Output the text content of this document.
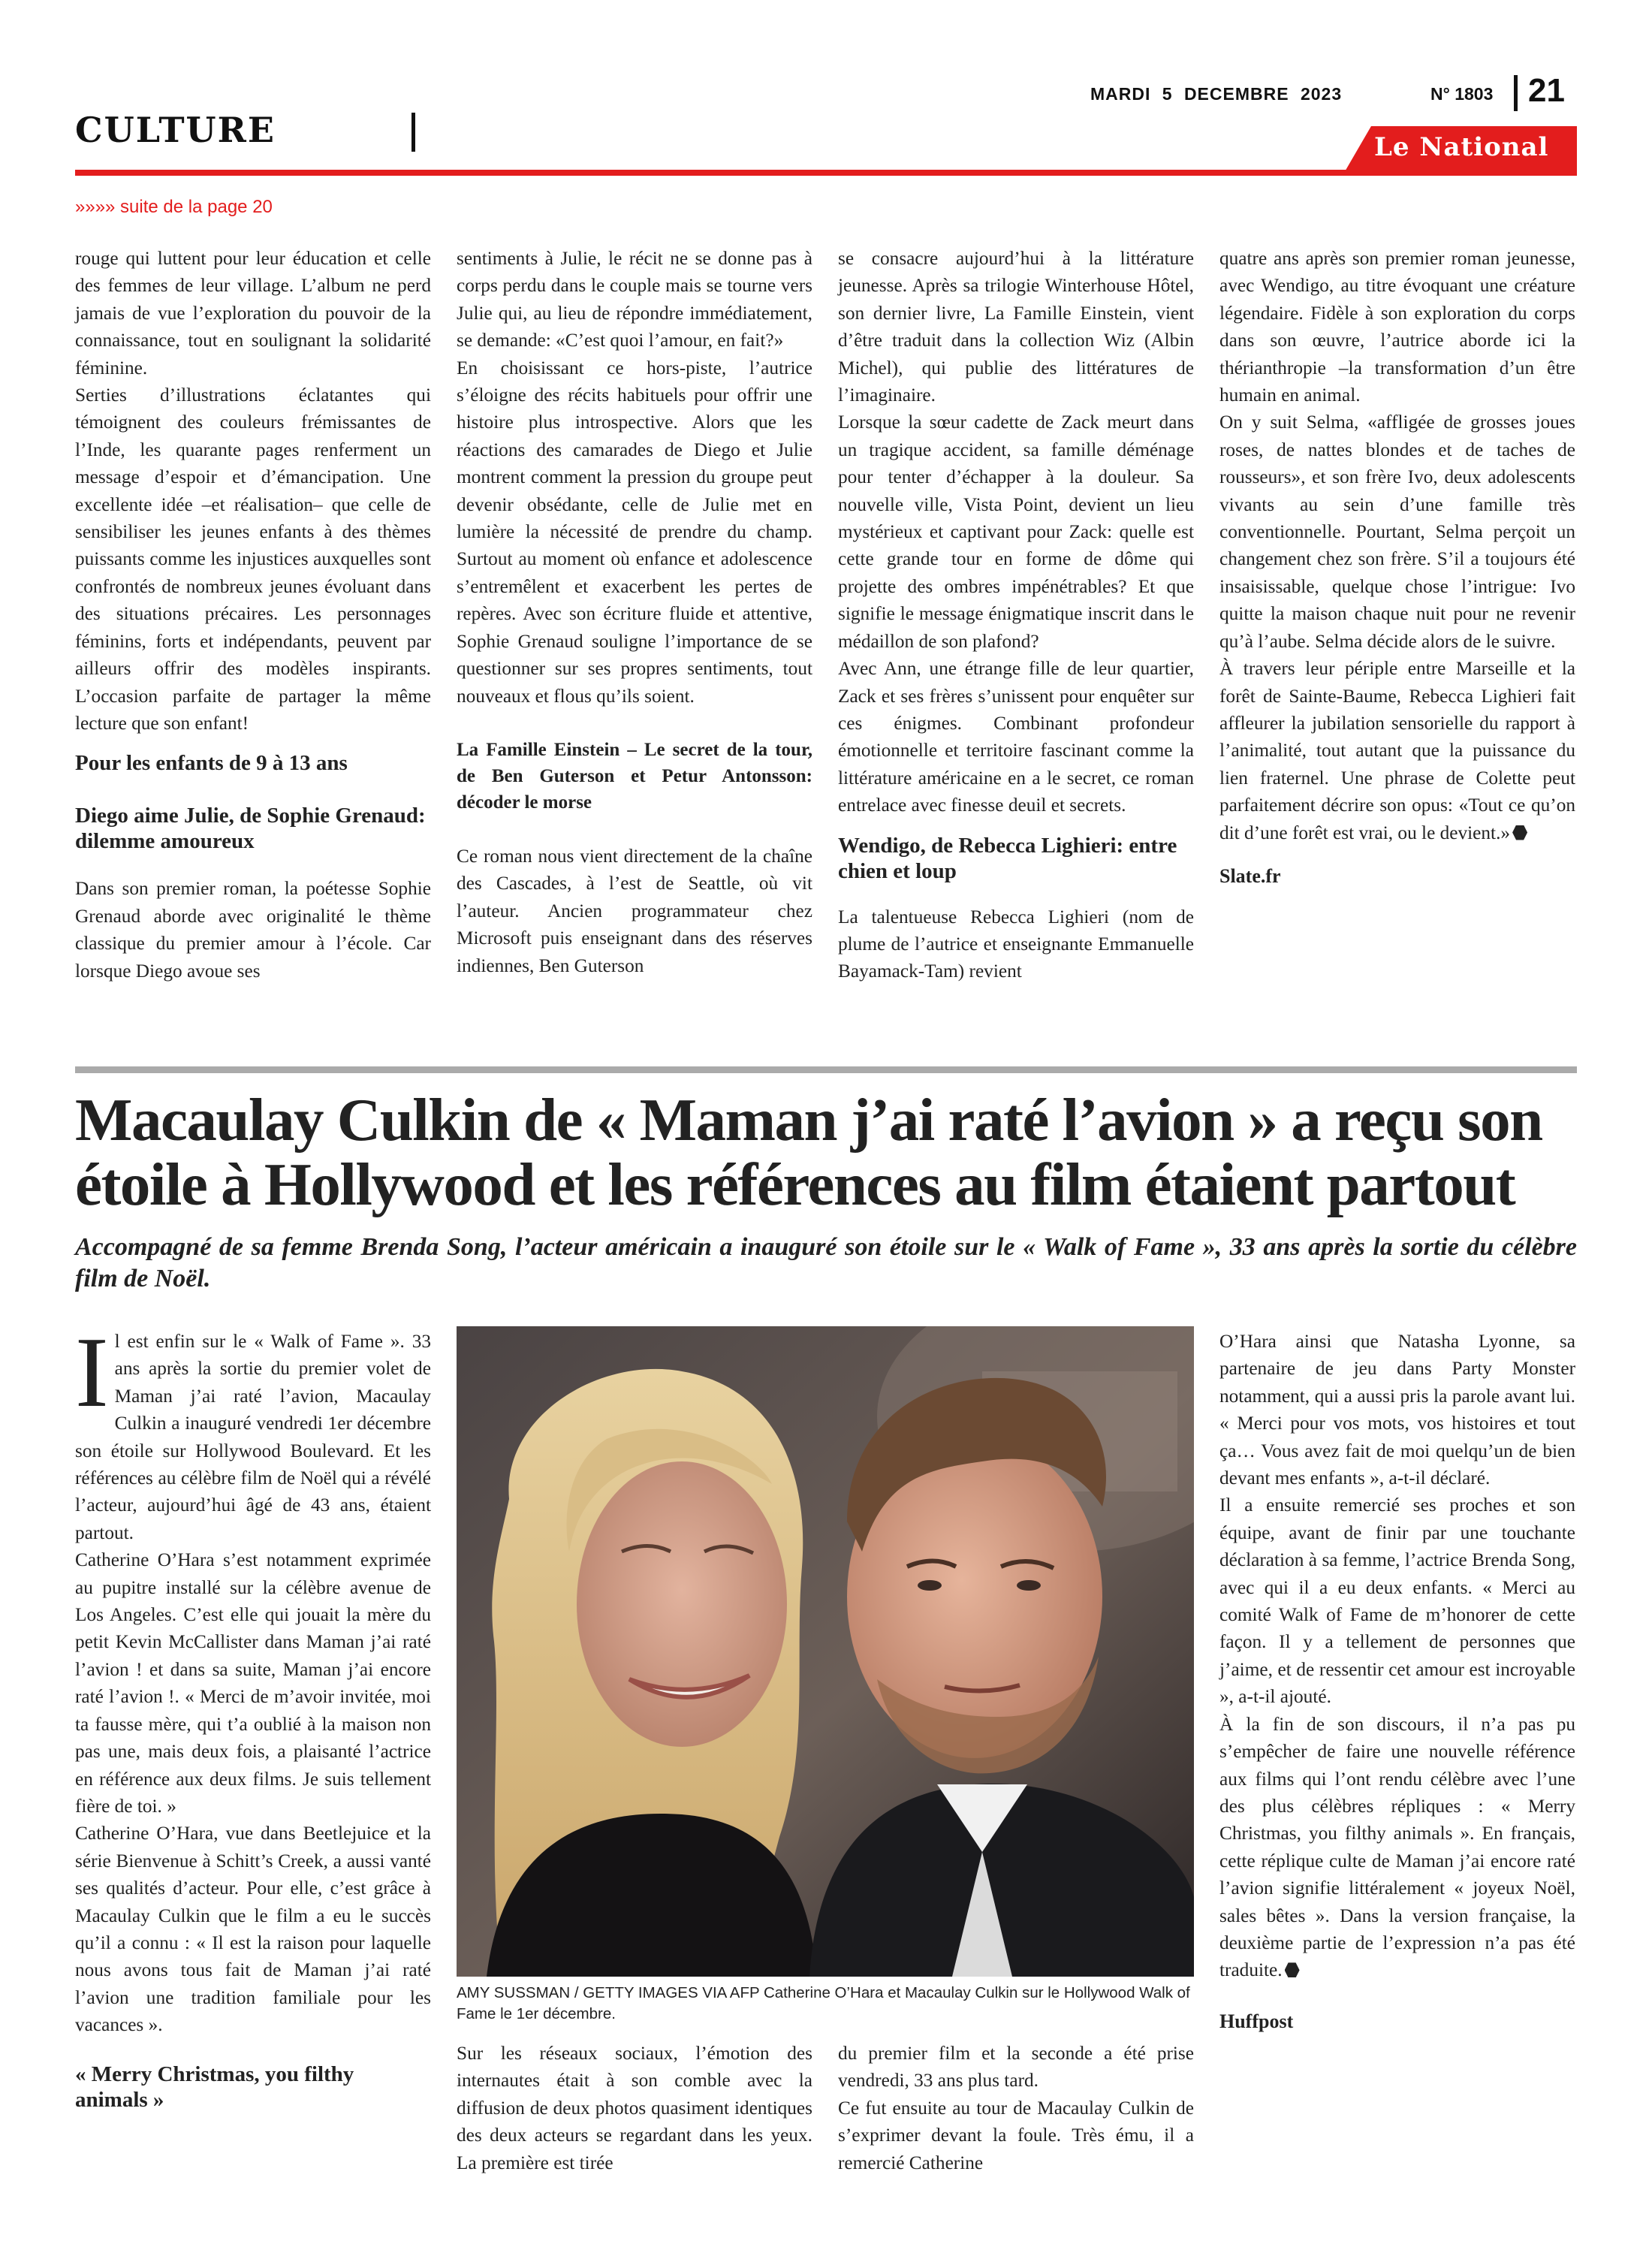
CULTURE
MARDI 5 DECEMBRE 2023	N° 1803 21
Le National
»»»» suite de la page 20

rouge qui luttent pour leur éducation et celle des femmes de leur village. L’album ne perd jamais de vue l’exploration du pouvoir de la connaissance, tout en soulignant la solidarité féminine.

Serties d’illustrations éclatantes qui témoignent des couleurs frémissantes de l’Inde, les quarante pages renferment un message d’espoir et d’émancipation. Une excellente idée –et réalisation– que celle de sensibiliser les jeunes enfants à des thèmes puissants comme les injustices auxquelles sont confrontés de nombreux jeunes évoluant dans des situations précaires. Les personnages féminins, forts et indépendants, peuvent par ailleurs offrir des modèles inspirants. L’occasion parfaite de partager la même lecture que son enfant!

Pour les enfants de 9 à 13 ans

Diego aime Julie, de Sophie Grenaud: dilemme amoureux

Dans son premier roman, la poétesse Sophie Grenaud aborde avec originalité le thème classique du premier amour à l’école. Car lorsque Diego avoue ses

sentiments à Julie, le récit ne se donne pas à corps perdu dans le couple mais se tourne vers Julie qui, au lieu de répondre immédiatement, se demande: «C’est quoi l’amour, en fait?»

En choisissant ce hors-piste, l’autrice s’éloigne des récits habituels pour offrir une histoire plus introspective. Alors que les réactions des camarades de Diego et Julie montrent comment la pression du groupe peut devenir obsédante, celle de Julie met en lumière la nécessité de prendre du champ. Surtout au moment où enfance et adolescence s’entremêlent et exacerbent les pertes de repères. Avec son écriture fluide et attentive, Sophie Grenaud souligne l’importance de se questionner sur ses propres sentiments, tout nouveaux et flous qu’ils soient.

La Famille Einstein – Le secret de la tour, de Ben Guterson et Petur Antonsson: décoder le morse

Ce roman nous vient directement de la chaîne des Cascades, à l’est de Seattle, où vit l’auteur. Ancien programmateur chez Microsoft puis enseignant dans des réserves indiennes, Ben Guterson

se consacre aujourd’hui à la littérature jeunesse. Après sa trilogie Winterhouse Hôtel, son dernier livre, La Famille Einstein, vient d’être traduit dans la collection Wiz (Albin Michel), qui publie des littératures de l’imaginaire.

Lorsque la sœur cadette de Zack meurt dans un tragique accident, sa famille déménage pour tenter d’échapper à la douleur. Sa nouvelle ville, Vista Point, devient un lieu mystérieux et captivant pour Zack: quelle est cette grande tour en forme de dôme qui projette des ombres impénétrables? Et que signifie le message énigmatique inscrit dans le médaillon de son plafond?

Avec Ann, une étrange fille de leur quartier, Zack et ses frères s’unissent pour enquêter sur ces énigmes. Combinant profondeur émotionnelle et territoire fascinant comme la littérature américaine en a le secret, ce roman entrelace avec finesse deuil et secrets.

Wendigo, de Rebecca Lighieri: entre chien et loup

La talentueuse Rebecca Lighieri (nom de plume de l’autrice et enseignante Emmanuelle Bayamack-Tam) revient

quatre ans après son premier roman jeunesse, avec Wendigo, au titre évoquant une créature légendaire. Fidèle à son exploration du corps dans son œuvre, l’autrice aborde ici la thérianthropie –la transformation d’un être humain en animal.

On y suit Selma, «affligée de grosses joues roses, de nattes blondes et de taches de rousseurs», et son frère Ivo, deux adolescents vivants au sein d’une famille très conventionnelle. Pourtant, Selma perçoit un changement chez son frère. S’il a toujours été insaisissable, quelque chose l’intrigue: Ivo quitte la maison chaque nuit pour ne revenir qu’à l’aube. Selma décide alors de le suivre.

À travers leur périple entre Marseille et la forêt de Sainte-Baume, Rebecca Lighieri fait affleurer la jubilation sensorielle du rapport à l’animalité, tout autant que la puissance du lien fraternel. Une phrase de Colette peut parfaitement décrire son opus: «Tout ce qu’on dit d’une forêt est vrai, ou le devient.»

Slate.fr

Macaulay Culkin de « Maman j’ai raté l’avion » a reçu son étoile à Hollywood et les références au film étaient partout
Accompagné de sa femme Brenda Song, l’acteur américain a inauguré son étoile sur le « Walk of Fame », 33 ans après la sortie du célèbre film de Noël.

Il est enfin sur le « Walk of Fame ». 33 ans après la sortie du premier volet de Maman j’ai raté l’avion, Macaulay Culkin a inauguré vendredi 1er décembre son étoile sur Hollywood Boulevard. Et les références au célèbre film de Noël qui a révélé l’acteur, aujourd’hui âgé de 43 ans, étaient partout.

Catherine O’Hara s’est notamment exprimée au pupitre installé sur la célèbre avenue de Los Angeles. C’est elle qui jouait la mère du petit Kevin McCallister dans Maman j’ai raté l’avion ! et dans sa suite, Maman j’ai encore raté l’avion !. « Merci de m’avoir invitée, moi ta fausse mère, qui t’a oublié à la maison non pas une, mais deux fois, a plaisanté l’actrice en référence aux deux films. Je suis tellement fière de toi. »

Catherine O’Hara, vue dans Beetlejuice et la série Bienvenue à Schitt’s Creek, a aussi vanté ses qualités d’acteur. Pour elle, c’est grâce à Macaulay Culkin que le film a eu le succès qu’il a connu : « Il est la raison pour laquelle nous avons tous fait de Maman j’ai raté l’avion une tradition familiale pour les vacances ».

« Merry Christmas, you filthy animals »

AMY SUSSMAN / GETTY IMAGES VIA AFP Catherine O’Hara et Macaulay Culkin sur le Hollywood Walk of Fame le 1er décembre.

Sur les réseaux sociaux, l’émotion des internautes était à son comble avec la diffusion de deux photos quasiment identiques des deux acteurs se regardant dans les yeux. La première est tirée

du premier film et la seconde a été prise vendredi, 33 ans plus tard.

Ce fut ensuite au tour de Macaulay Culkin de s’exprimer devant la foule. Très ému, il a remercié Catherine

O’Hara ainsi que Natasha Lyonne, sa partenaire de jeu dans Party Monster notamment, qui a aussi pris la parole avant lui. « Merci pour vos mots, vos histoires et tout ça… Vous avez fait de moi quelqu’un de bien devant mes enfants », a-t-il déclaré.

Il a ensuite remercié ses proches et son équipe, avant de finir par une touchante déclaration à sa femme, l’actrice Brenda Song, avec qui il a eu deux enfants. « Merci au comité Walk of Fame de m’honorer de cette façon. Il y a tellement de personnes que j’aime, et de ressentir cet amour est incroyable », a-t-il ajouté.

À la fin de son discours, il n’a pas pu s’empêcher de faire une nouvelle référence aux films qui l’ont rendu célèbre avec l’une des plus célèbres répliques : « Merry Christmas, you filthy animals ». En français, cette réplique culte de Maman j’ai encore raté l’avion signifie littéralement « joyeux Noël, sales bêtes ». Dans la version française, la deuxième partie de l’expression n’a pas été traduite.

Huffpost
